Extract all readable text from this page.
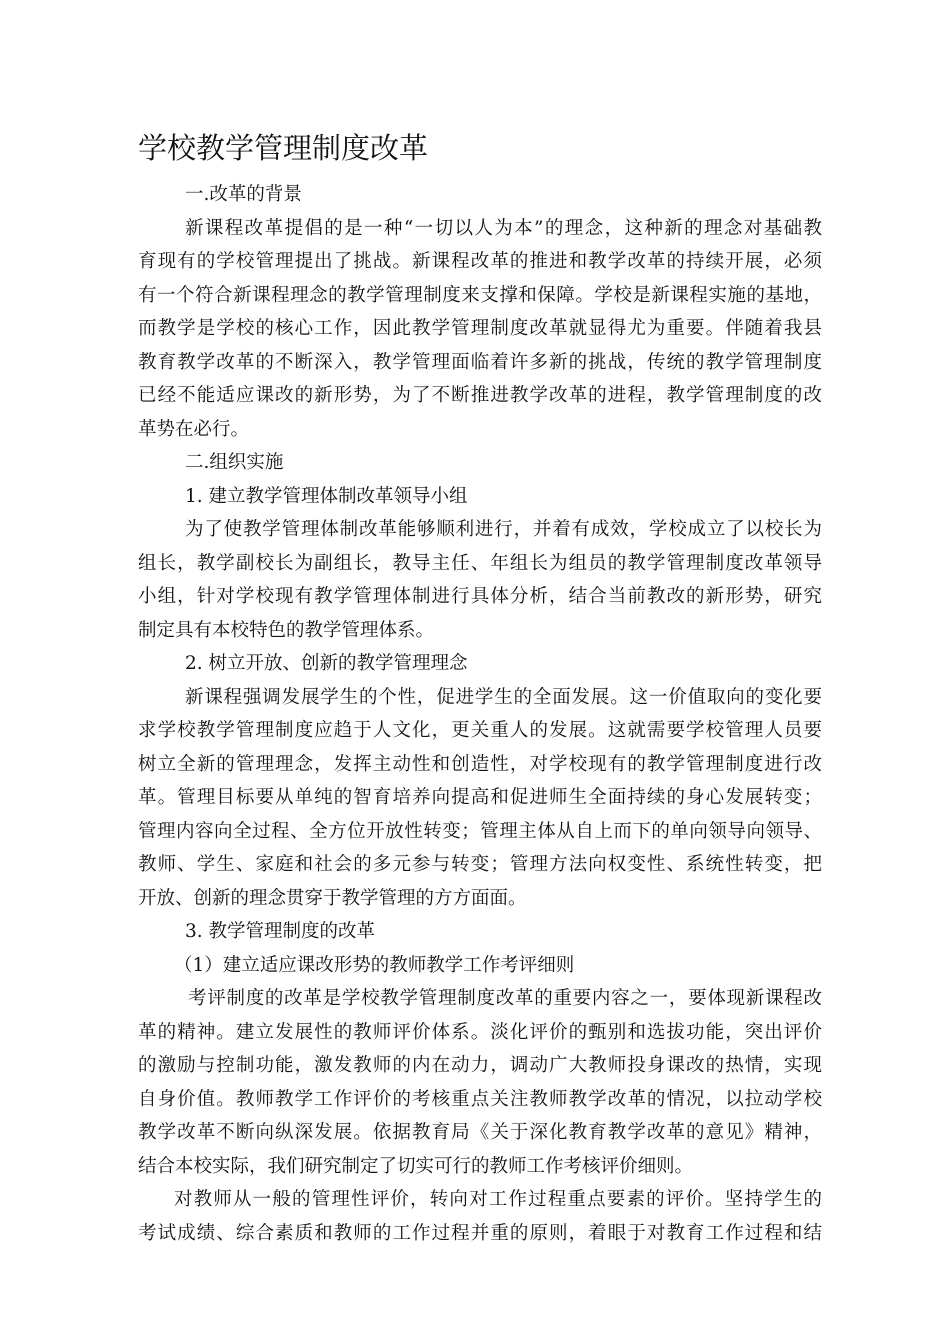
学校教学管理制度改革
一.改革的背景
新课程改革提倡的是一种“一切以人为本”的理念，这种新的理念对基础教
育现有的学校管理提出了挑战。新课程改革的推进和教学改革的持续开展，必须
有一个符合新课程理念的教学管理制度来支撑和保障。学校是新课程实施的基地，
而教学是学校的核心工作，因此教学管理制度改革就显得尤为重要。伴随着我县
教育教学改革的不断深入，教学管理面临着许多新的挑战，传统的教学管理制度
已经不能适应课改的新形势，为了不断推进教学改革的进程，教学管理制度的改
革势在必行。
二.组织实施
1. 建立教学管理体制改革领导小组
为了使教学管理体制改革能够顺利进行，并着有成效，学校成立了以校长为
组长，教学副校长为副组长，教导主任、年组长为组员的教学管理制度改革领导
小组，针对学校现有教学管理体制进行具体分析，结合当前教改的新形势，研究
制定具有本校特色的教学管理体系。
2. 树立开放、创新的教学管理理念
新课程强调发展学生的个性，促进学生的全面发展。这一价值取向的变化要
求学校教学管理制度应趋于人文化，更关重人的发展。这就需要学校管理人员要
树立全新的管理理念，发挥主动性和创造性，对学校现有的教学管理制度进行改
革。管理目标要从单纯的智育培养向提高和促进师生全面持续的身心发展转变；
管理内容向全过程、全方位开放性转变；管理主体从自上而下的单向领导向领导、
教师、学生、家庭和社会的多元参与转变；管理方法向权变性、系统性转变，把
开放、创新的理念贯穿于教学管理的方方面面。
3. 教学管理制度的改革
（1）建立适应课改形势的教师教学工作考评细则
考评制度的改革是学校教学管理制度改革的重要内容之一，要体现新课程改
革的精神。建立发展性的教师评价体系。淡化评价的甄别和选拔功能，突出评价
的激励与控制功能，激发教师的内在动力，调动广大教师投身课改的热情，实现
自身价值。教师教学工作评价的考核重点关注教师教学改革的情况，以拉动学校
教学改革不断向纵深发展。依据教育局《关于深化教育教学改革的意见》精神，
结合本校实际，我们研究制定了切实可行的教师工作考核评价细则。
对教师从一般的管理性评价，转向对工作过程重点要素的评价。坚持学生的
考试成绩、综合素质和教师的工作过程并重的原则，着眼于对教育工作过程和结
